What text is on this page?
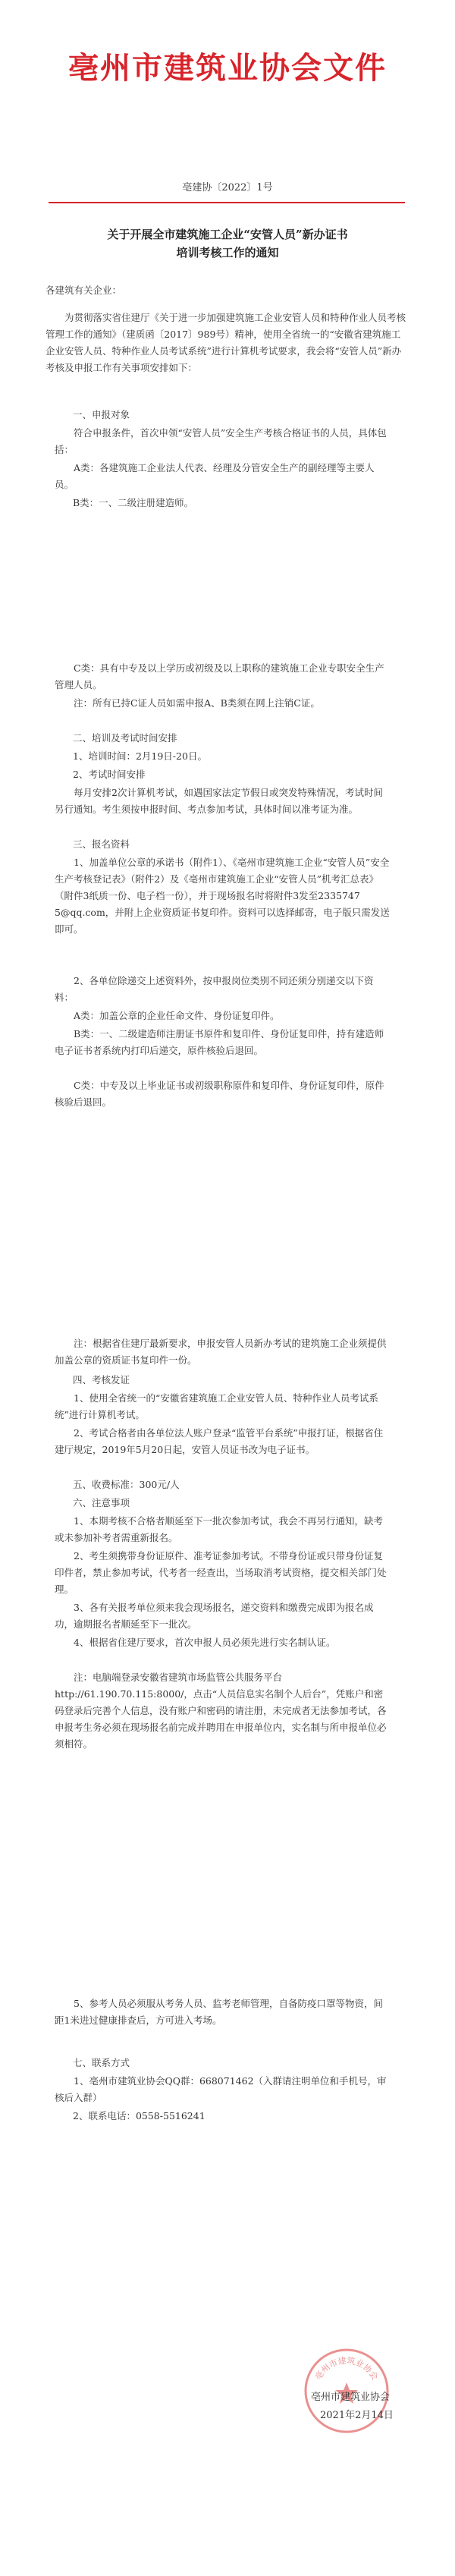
亳州市建筑业协会文件
亳建协〔2022〕1号
关于开展全市建筑施工企业“安管人员”新办证书
培训考核工作的通知

各建筑有关企业：

为贯彻落实省住建厅《关于进一步加强建筑施工企业安管人员和特种作业人员考核管理工作的通知》（建质函〔2017〕989号）精神，使用全省统一的“安徽省建筑施工企业安管人员、特种作业人员考试系统”进行计算机考试要求，我会将“安管人员”新办考核及申报工作有关事项安排如下：

一、申报对象

符合申报条件，首次申领“安管人员”安全生产考核合格证书的人员，具体包括：

A类：各建筑施工企业法人代表、经理及分管安全生产的副经理等主要人员。

B类：一、二级注册建造师。

C类：具有中专及以上学历或初级及以上职称的建筑施工企业专职安全生产管理人员。

注：所有已持C证人员如需申报A、B类须在网上注销C证。

二、培训及考试时间安排

1、培训时间：2月19日-20日。

2、考试时间安排

每月安排2次计算机考试，如遇国家法定节假日或突发特殊情况，考试时间另行通知。考生须按申报时间、考点参加考试，具体时间以准考证为准。

三、报名资料

1、加盖单位公章的承诺书（附件1）、《亳州市建筑施工企业“安管人员”安全生产考核登记表》（附件2）及《亳州市建筑施工企业“安管人员”机考汇总表》（附件3纸质一份、电子档一份），并于现场报名时将附件3发至2335747​5@qq.com，并附上企业资质证书复印件。资料可以选择邮寄，电子版只需发送即可。

2、各单位除递交上述资料外，按申报岗位类别不同还须分别递交以下资料：

A类：加盖公章的企业任命文件、身份证复印件。

B类：一、二级建造师注册证书原件和复印件、身份证复印件，持有建造师电子证书者系统内打印后递交，原件核验后退回。

C类：中专及以上毕业证书或初级职称原件和复印件、身份证复印件，原件核验后退回。

注：根据省住建厅最新要求，申报安管人员新办考试的建筑施工企业须提供加盖公章的资质证书复印件一份。

四、考核发证

1、使用全省统一的“安徽省建筑施工企业安管人员、特种作业人员考试系统”进行计算机考试。

2、考试合格者由各单位法人账户登录“监管平台系统”申报打证，根据省住建厅规定，2019年5月20日起，安管人员证书改为电子证书。

五、收费标准：300元/人

六、注意事项

1、本期考核不合格者顺延至下一批次参加考试，我会不再另行通知，缺考或未参加补考者需重新报名。

2、考生须携带身份证原件、准考证参加考试。不带身份证或只带身份证复印件者，禁止参加考试，代考者一经查出，当场取消考试资格，提交相关部门处理。

3、各有关报考单位须来我会现场报名，递交资料和缴费完成即为报名成功，逾期报名者顺延至下一批次。

4、根据省住建厅要求，首次申报人员必须先进行实名制认证。

注：电脑端登录安徽省建筑市场监管公共服务平台http://61.190.70.115:8000/，点击“人员信息实名制个人后台”，凭账户和密码登录后完善个人信息，没有账户和密码的请注册，未完成者无法参加考试，各申报考生务必须在现场报名前完成并聘用在申报单位内，实名制与所申报单位必须相符。

5、参考人员必须服从考务人员、监考老师管理，自备防疫口罩等物资，间距1米进过健康排查后，方可进入考场。

七、联系方式

1、亳州市建筑业协会QQ群：668071462（入群请注明单位和手机号，审核后入群）

2、联系电话：0558-5516241

亳州市建筑业协会
亳州市建筑业协会
2021年2月14日
